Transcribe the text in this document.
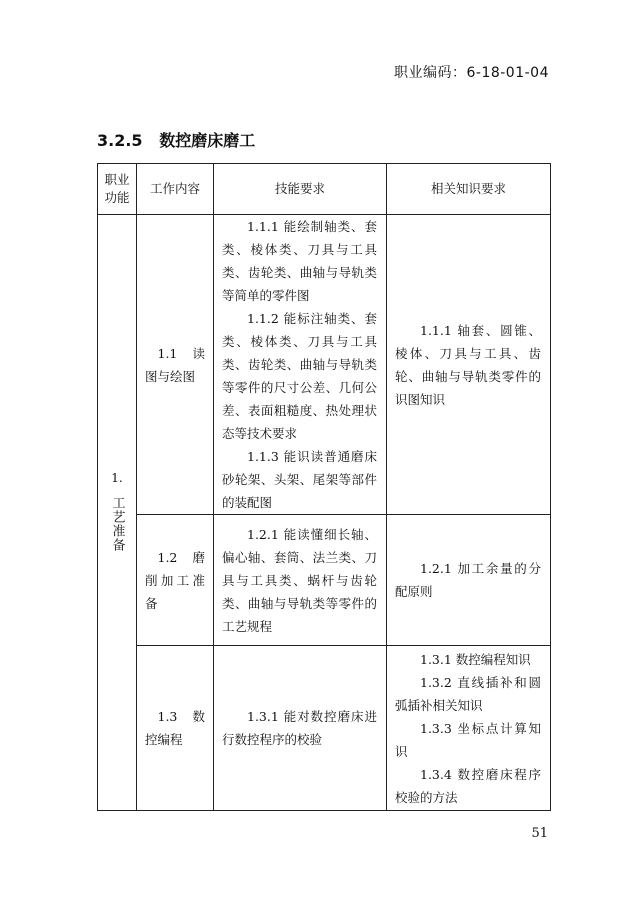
职业编码：6-18-01-04
3.2.5 数控磨床磨工
职业功能	工作内容	技能要求	相关知识要求

1.
工艺准备	1.1 读图与绘图	1.1.1 能绘制轴类、套类、棱体类、刀具与工具类、齿轮类、曲轴与导轨类等简单的零件图
1.1.2 能标注轴类、套类、棱体类、刀具与工具类、齿轮类、曲轴与导轨类等零件的尺寸公差、几何公差、表面粗糙度、热处理状态等技术要求
1.1.3 能识读普通磨床砂轮架、头架、尾架等部件的装配图	1.1.1 轴套、圆锥、棱体、刀具与工具、齿轮、曲轴与导轨类零件的识图知识

	1.2 磨削加工准备	1.2.1 能读懂细长轴、偏心轴、套筒、法兰类、刀具与工具类、蜗杆与齿轮类、曲轴与导轨类等零件的工艺规程	1.2.1 加工余量的分配原则

	1.3 数控编程	1.3.1 能对数控磨床进行数控程序的校验	1.3.1 数控编程知识
1.3.2 直线插补和圆弧插补相关知识
1.3.3 坐标点计算知识
1.3.4 数控磨床程序校验的方法
51
